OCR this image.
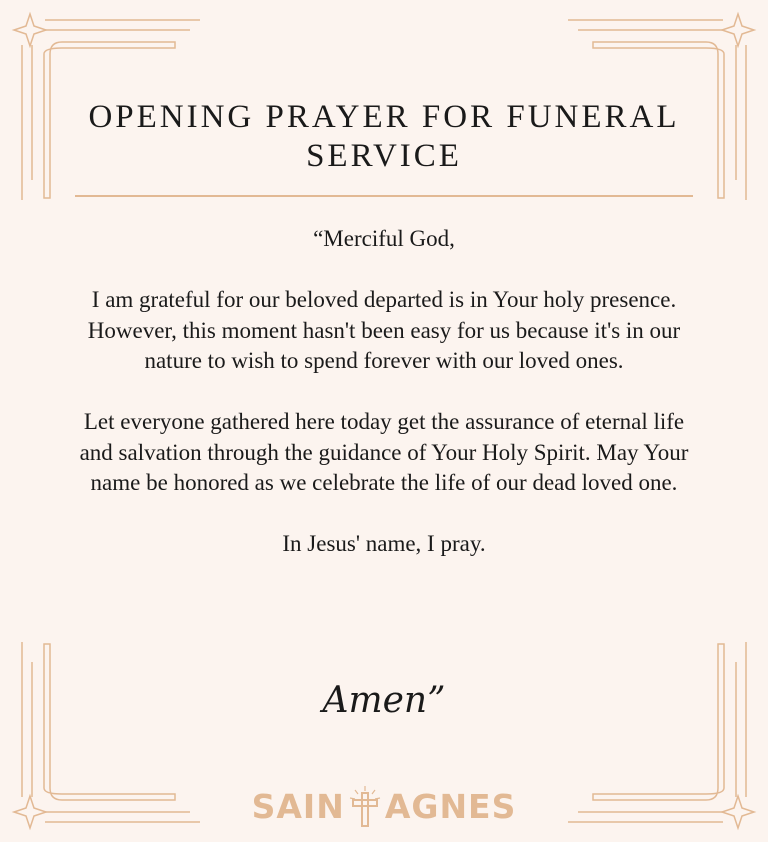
OPENING PRAYER FOR FUNERAL SERVICE

“Merciful God,

I am grateful for our beloved departed is in Your holy presence. However, this moment hasn't been easy for us because it's in our nature to wish to spend forever with our loved ones.

Let everyone gathered here today get the assurance of eternal life and salvation through the guidance of Your Holy Spirit. May Your name be honored as we celebrate the life of our dead loved one.

In Jesus' name, I pray.

Amen”
SAIN AGNES
